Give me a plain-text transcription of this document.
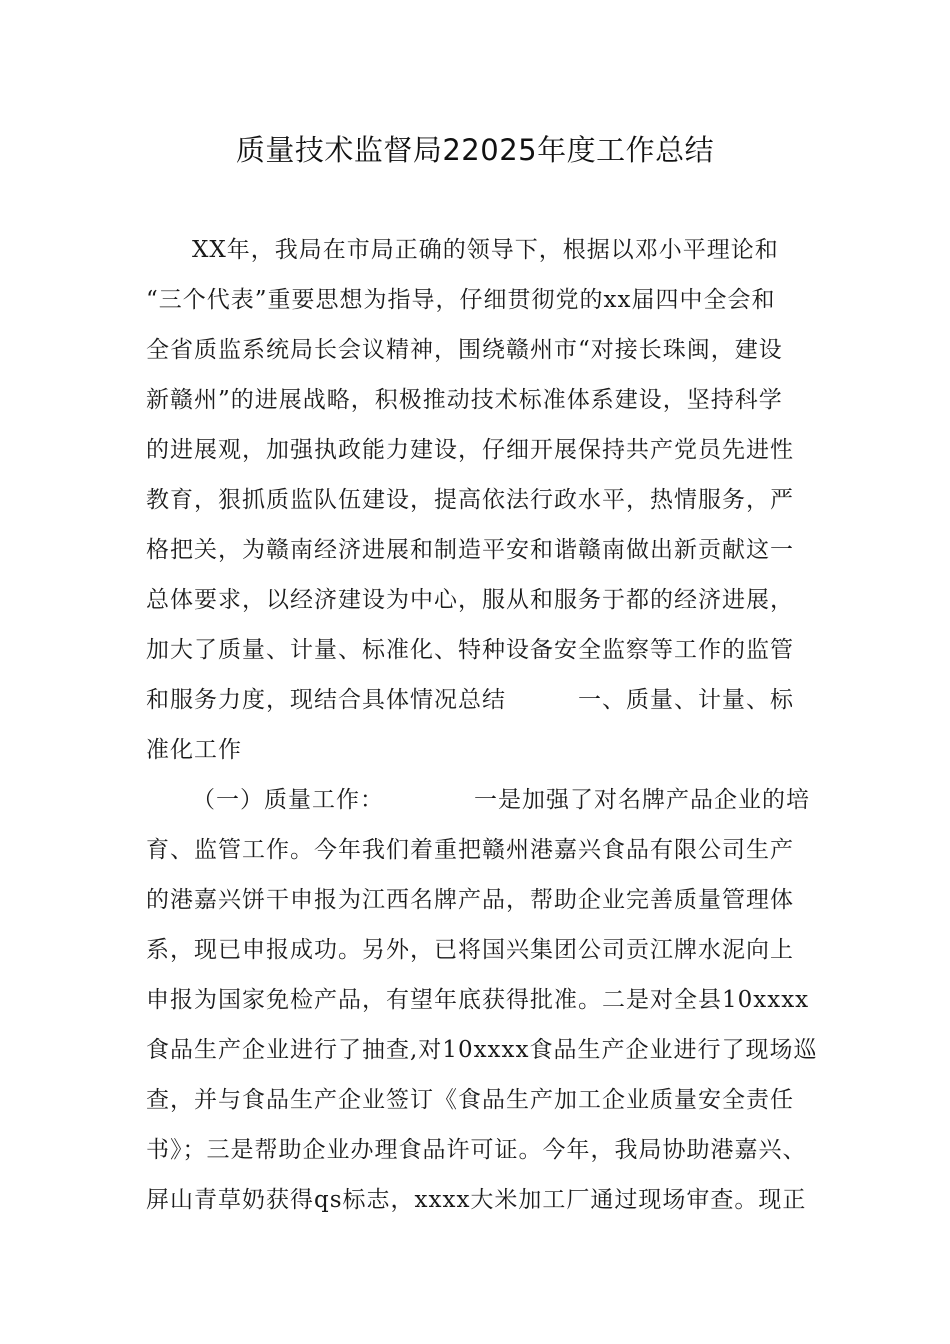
质量技术监督局22025年度工作总结
XX年，我局在市局正确的领导下，根据以邓小平理论和
“三个代表”重要思想为指导，仔细贯彻党的xx届四中全会和
全省质监系统局长会议精神，围绕赣州市“对接长珠闽，建设
新赣州”的进展战略，积极推动技术标准体系建设，坚持科学
的进展观，加强执政能力建设，仔细开展保持共产党员先进性
教育，狠抓质监队伍建设，提高依法行政水平，热情服务，严
格把关，为赣南经济进展和制造平安和谐赣南做出新贡献这一
总体要求，以经济建设为中心，服从和服务于都的经济进展，
加大了质量、计量、标准化、特种设备安全监察等工作的监管
和服务力度，现结合具体情况总结	一、质量、计量、标
准化工作
（一）质量工作：	一是加强了对名牌产品企业的培
育、监管工作。今年我们着重把赣州港嘉兴食品有限公司生产
的港嘉兴饼干申报为江西名牌产品，帮助企业完善质量管理体
系，现已申报成功。另外，已将国兴集团公司贡江牌水泥向上
申报为国家免检产品，有望年底获得批准。二是对全县10xxxx
食品生产企业进行了抽查,对10xxxx食品生产企业进行了现场巡
查，并与食品生产企业签订《食品生产加工企业质量安全责任
书》；三是帮助企业办理食品许可证。今年，我局协助港嘉兴、
屏山青草奶获得qs标志，xxxx大米加工厂通过现场审查。现正
